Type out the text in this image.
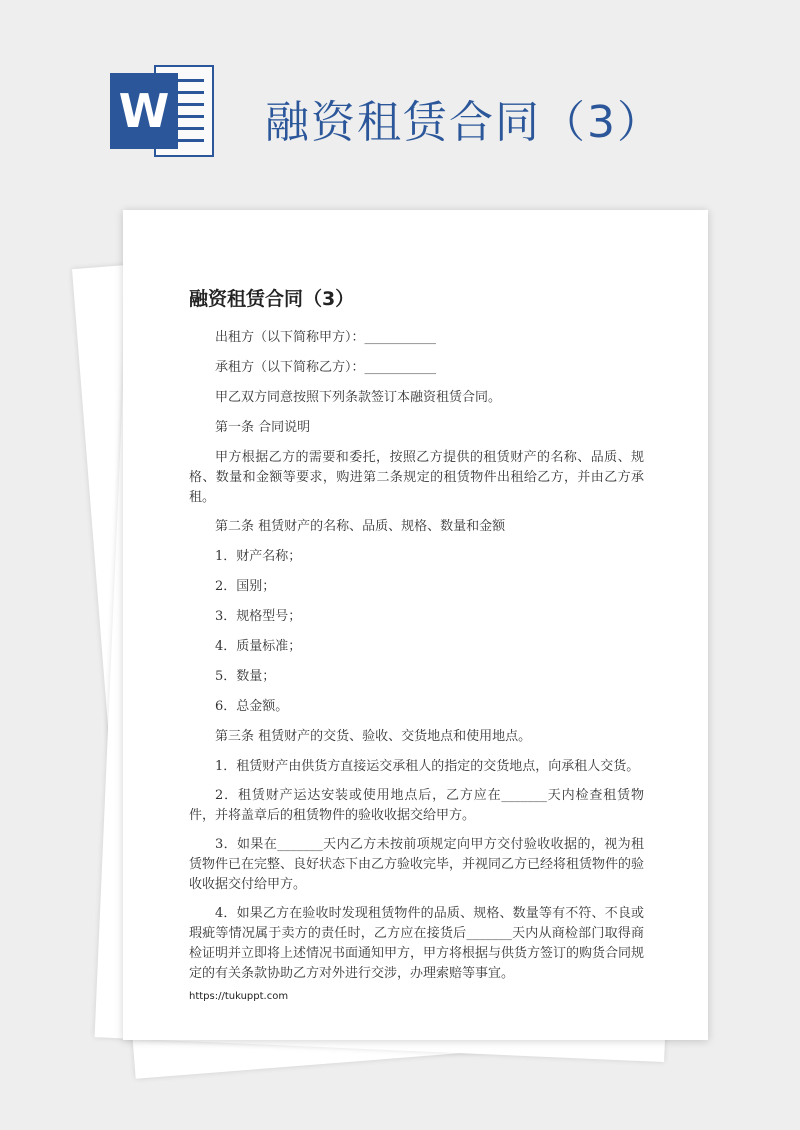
W 融资租赁合同（3）
融资租赁合同（3）

出租方（以下简称甲方）：___________

承租方（以下简称乙方）：___________

甲乙双方同意按照下列条款签订本融资租赁合同。

第一条 合同说明

甲方根据乙方的需要和委托，按照乙方提供的租赁财产的名称、品质、规格、数量和金额等要求，购进第二条规定的租赁物件出租给乙方，并由乙方承租。

第二条 租赁财产的名称、品质、规格、数量和金额

1．财产名称；

2．国别；

3．规格型号；

4．质量标准；

5．数量；

6．总金额。

第三条 租赁财产的交货、验收、交货地点和使用地点。

1．租赁财产由供货方直接运交承租人的指定的交货地点，向承租人交货。

2．租赁财产运达安装或使用地点后，乙方应在_______天内检查租赁物件，并将盖章后的租赁物件的验收收据交给甲方。

3．如果在_______天内乙方未按前项规定向甲方交付验收收据的，视为租赁物件已在完整、良好状态下由乙方验收完毕，并视同乙方已经将租赁物件的验收收据交付给甲方。

4．如果乙方在验收时发现租赁物件的品质、规格、数量等有不符、不良或瑕疵等情况属于卖方的责任时，乙方应在接货后_______天内从商检部门取得商检证明并立即将上述情况书面通知甲方，甲方将根据与供货方签订的购货合同规定的有关条款协助乙方对外进行交涉，办理索赔等事宜。

https://tukuppt.com
